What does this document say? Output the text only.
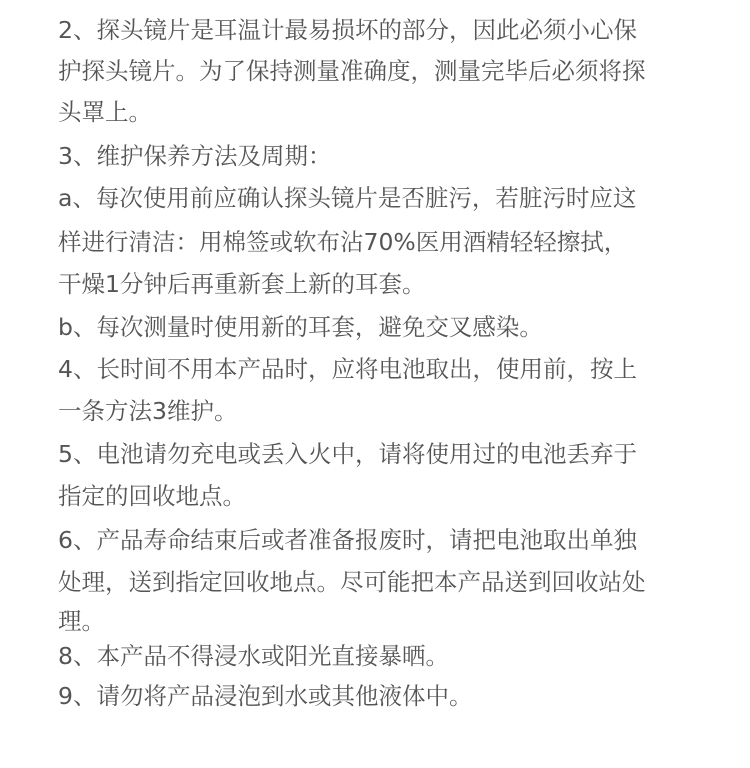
2、探头镜片是耳温计最易损坏的部分，因此必须小心保
护探头镜片。为了保持测量准确度，测量完毕后必须将探
头罩上。
3、维护保养方法及周期：
a、每次使用前应确认探头镜片是否脏污，若脏污时应这
样进行清洁：用棉签或软布沾70%医用酒精轻轻擦拭，
干燥1分钟后再重新套上新的耳套。
b、每次测量时使用新的耳套，避免交叉感染。
4、长时间不用本产品时，应将电池取出，使用前，按上
一条方法3维护。
5、电池请勿充电或丢入火中，请将使用过的电池丢弃于
指定的回收地点。
6、产品寿命结束后或者准备报废时，请把电池取出单独
处理，送到指定回收地点。尽可能把本产品送到回收站处
理。
8、本产品不得浸水或阳光直接暴晒。
9、请勿将产品浸泡到水或其他液体中。
